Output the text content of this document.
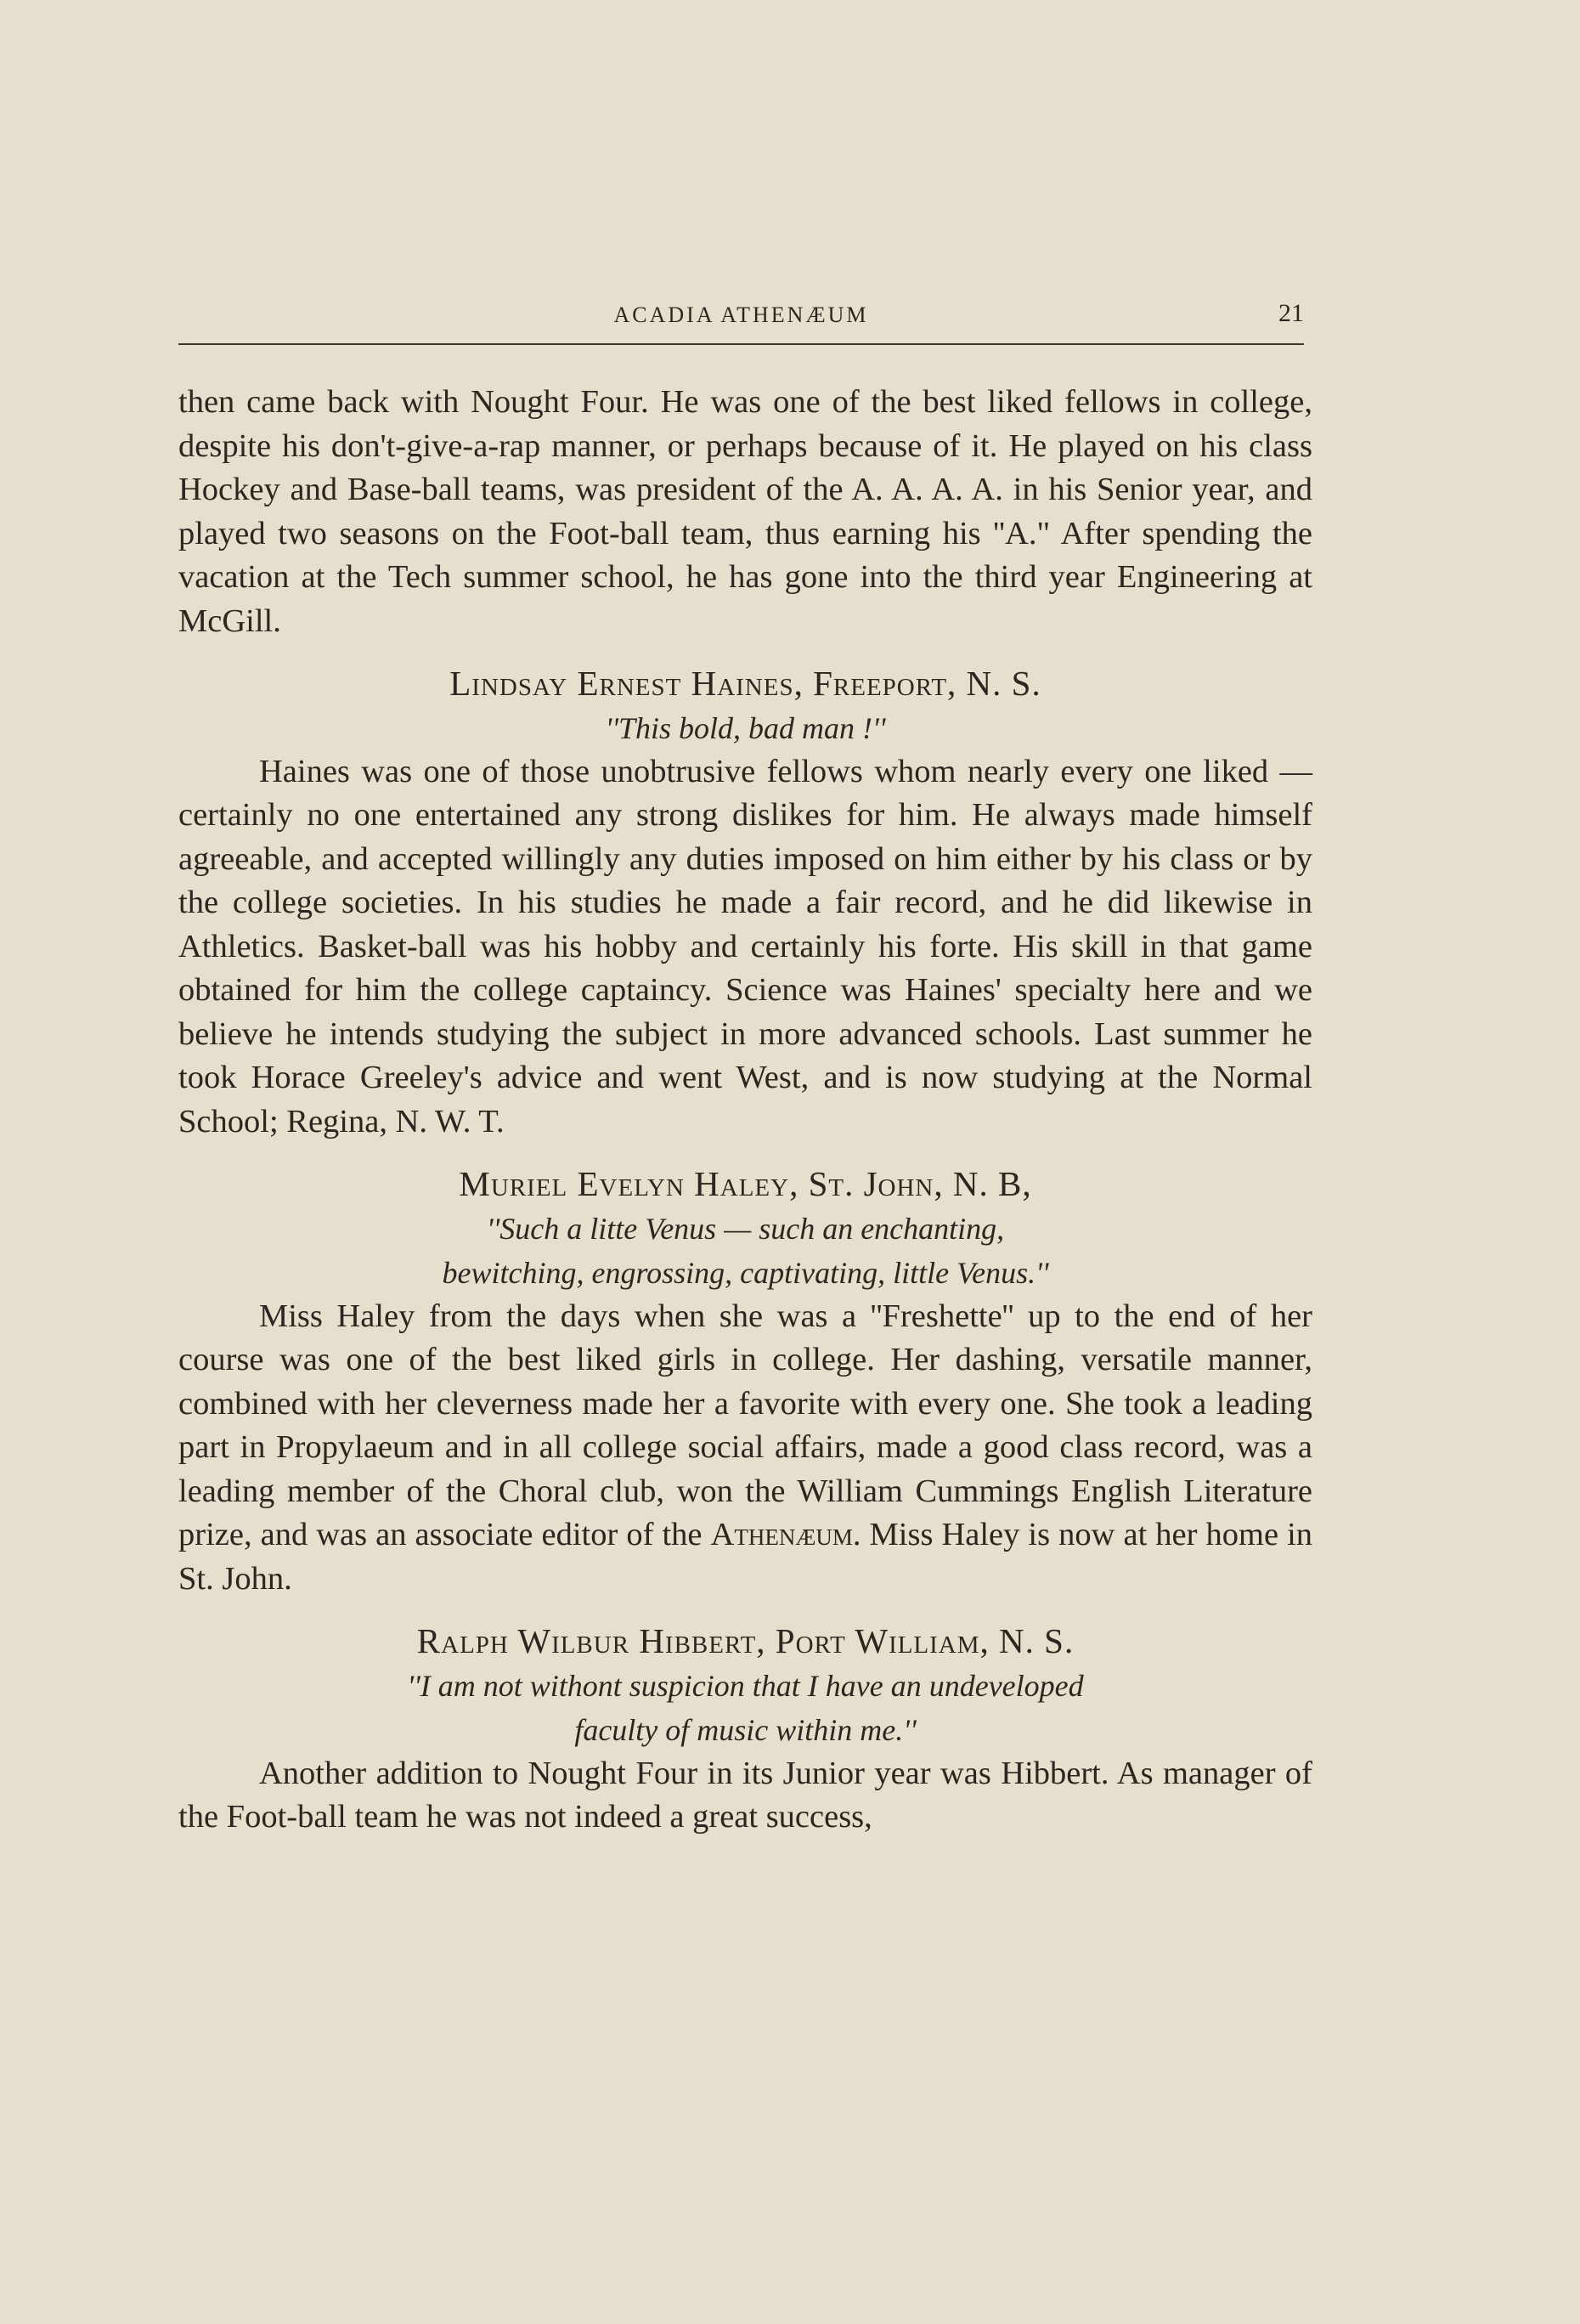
ACADIA ATHENÆUM	21

then came back with Nought Four. He was one of the best liked fellows in college, despite his don't-give-a-rap manner, or perhaps because of it. He played on his class Hockey and Base-ball teams, was president of the A. A. A. A. in his Senior year, and played two seasons on the Foot-ball team, thus earning his ''A." After spending the vacation at the Tech summer school, he has gone into the third year Engineering at McGill.

Lindsay Ernest Haines, Freeport, N. S.

''This bold, bad man !''

Haines was one of those unobtrusive fellows whom nearly every one liked —certainly no one entertained any strong dislikes for him. He always made himself agreeable, and accepted willingly any duties imposed on him either by his class or by the college societies. In his studies he made a fair record, and he did likewise in Athletics. Basket-ball was his hobby and certainly his forte. His skill in that game obtained for him the college captaincy. Science was Haines' specialty here and we believe he intends studying the subject in more advanced schools. Last summer he took Horace Greeley's advice and went West, and is now studying at the Normal School; Regina, N. W. T.

Muriel Evelyn Haley, St. John, N. B,

''Such a litte Venus — such an enchanting,

bewitching, engrossing, captivating, little Venus.''

Miss Haley from the days when she was a ''Freshette'' up to the end of her course was one of the best liked girls in college. Her dashing, versatile manner, combined with her cleverness made her a favorite with every one. She took a leading part in Propylaeum and in all college social affairs, made a good class record, was a leading member of the Choral club, won the William Cummings English Literature prize, and was an associate editor of the Athenæum. Miss Haley is now at her home in St. John.

Ralph Wilbur Hibbert, Port William, N. S.

''I am not withont suspicion that I have an undeveloped

faculty of music within me.''

Another addition to Nought Four in its Junior year was Hibbert. As manager of the Foot-ball team he was not indeed a great success,
